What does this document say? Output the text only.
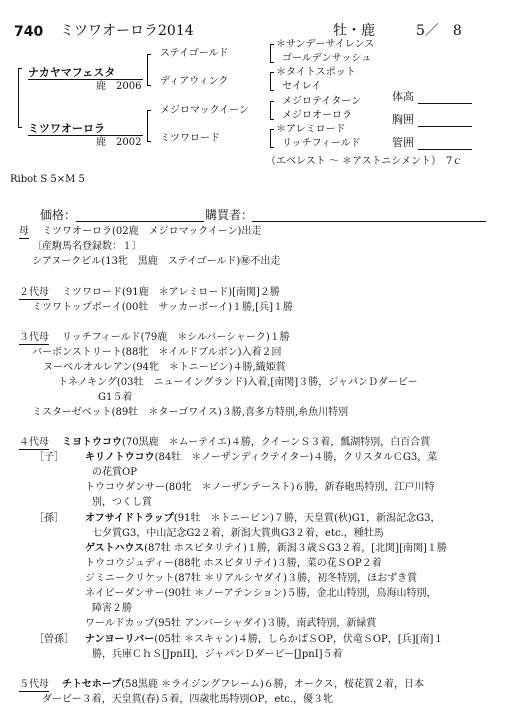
740 ミツワオーロラ2014	牡・鹿	5／　8
ナカヤマフェスタ
鹿　2006
ミツワオーロラ
鹿　2002
ステイゴールド
ディアウィンク
メジロマックイーン
ミツワロード
＊サンデーサイレンス
ゴールデンサッシュ
＊タイトスポット
セイレイ
メジロテイターン
メジロオーロラ
＊アレミロード
リッチフィールド
（エベレスト ～ ＊アストニシメント）　7ｃ
体高
胸囲
管囲
Ribot S 5×M 5
価格：	購買者：
母 ミツワオーロラ(02鹿　メジロマックイーン)出走
〔産駒馬名登録数：１〕
シアヌークピル(13牝　黒鹿　ステイゴールド)㊙不出走
２代母 ミツワロード(91鹿　＊アレミロード)[南関]２勝
ミツワトップボーイ(00牡　サッカーボーイ)１勝,[兵]１勝
３代母 リッチフィールド(79鹿　＊シルバーシャーク)１勝
バーボンストリート(88牝　＊イルドブルボン)入着２回
ヌーベルオルレアン(94牝　＊トニービン)４勝,織姫賞
トネノキング(03牡　ニューイングランド)入着,[南関]３勝，ジャパンＤダービー
G1５着
ミスターゼベット(89牡　＊ターゴワイス)３勝,喜多方特別,糸魚川特別
４代母 ミヨトウコウ(70黒鹿　＊ムーテイエ)４勝，クイーンＳ３着，瓢湖特別，白百合賞
［子］ キリノトウコウ(84牡　＊ノーザンディクテイター)４勝，クリスタルＣG3，菜
の花賞OP
トウコウダンサー(80牝　＊ノーザンテースト)６勝，新春砲馬特別，江戸川特
別，つくし賞
［孫］ オフサイドトラップ(91牡　＊トニービン)７勝，天皇賞(秋)G1，新潟記念G3，
七夕賞G3，中山記念G2２着，新潟大賞典G3２着，etc.，種牡馬
ゲストハウス(87牡 ホスピタリテイ)１勝，新潟３歳ＳG3２着，[北関][南関]１勝
トウコウジュディー(88牝 ホスピタリテイ)３勝，菜の花ＳOP２着
ジミニークリケット(87牡 ＊リアルシヤダイ)３勝，初冬特別，ほおずき賞
ネイビーダンサー(90牡 ＊ノーアテンション)５勝，金北山特別，鳥海山特別，
障害２勝
ワールドカップ(95牡 アンバーシャダイ)３勝，南武特別，新緑賞
［曽孫］ ナンヨーリバー(05牡 ＊スキャン)４勝，しらかばＳOP，伏竜ＳOP，[兵][南]１
勝，兵庫ＣｈＳ[JpnII]，ジャパンＤダービー[JpnI]５着
５代母 チトセホープ(58黒鹿 ＊ライジングフレーム)６勝，オークス，桜花賞２着，日本
ダービー３着，天皇賞(春)５着，四歳牝馬特別OP，etc.，優３牝
